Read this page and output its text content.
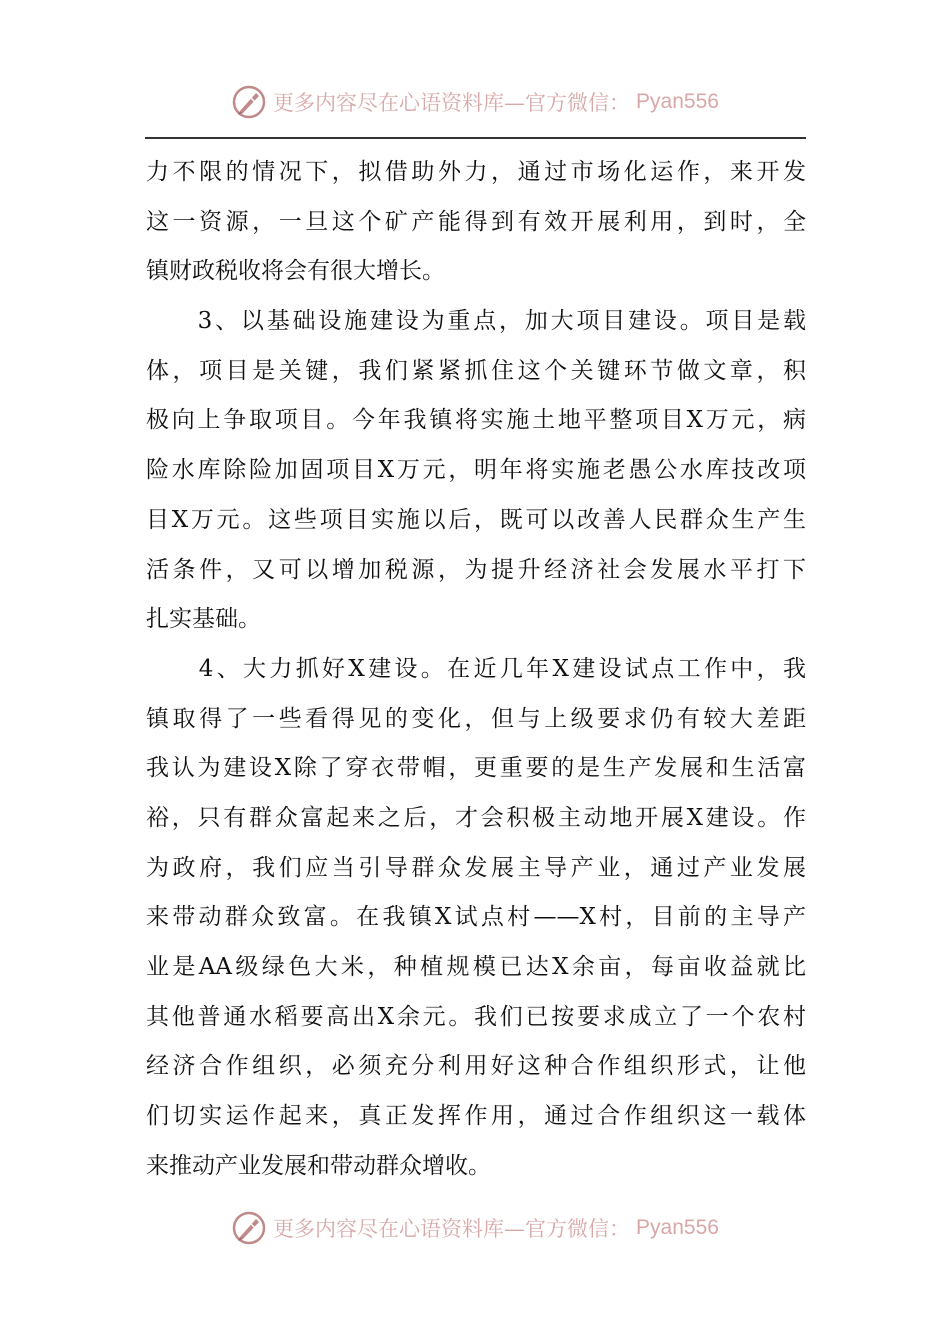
更多内容尽在心语资料库—官方微信： Pyan556
力不限的情况下，拟借助外力，通过市场化运作，来开发
这一资源，一旦这个矿产能得到有效开展利用，到时，全
镇财政税收将会有很大增长。
　　3、以基础设施建设为重点，加大项目建设。项目是载
体，项目是关键，我们紧紧抓住这个关键环节做文章，积
极向上争取项目。今年我镇将实施土地平整项目X万元，病
险水库除险加固项目X万元，明年将实施老愚公水库技改项
目X万元。这些项目实施以后，既可以改善人民群众生产生
活条件，又可以增加税源，为提升经济社会发展水平打下
扎实基础。
　　4、大力抓好X建设。在近几年X建设试点工作中，我
镇取得了一些看得见的变化，但与上级要求仍有较大差距
我认为建设X除了穿衣带帽，更重要的是生产发展和生活富
裕，只有群众富起来之后，才会积极主动地开展X建设。作
为政府，我们应当引导群众发展主导产业，通过产业发展
来带动群众致富。在我镇X试点村——X村，目前的主导产
业是AA级绿色大米，种植规模已达X余亩，每亩收益就比
其他普通水稻要高出X余元。我们已按要求成立了一个农村
经济合作组织，必须充分利用好这种合作组织形式，让他
们切实运作起来，真正发挥作用，通过合作组织这一载体
来推动产业发展和带动群众增收。
更多内容尽在心语资料库—官方微信： Pyan556
